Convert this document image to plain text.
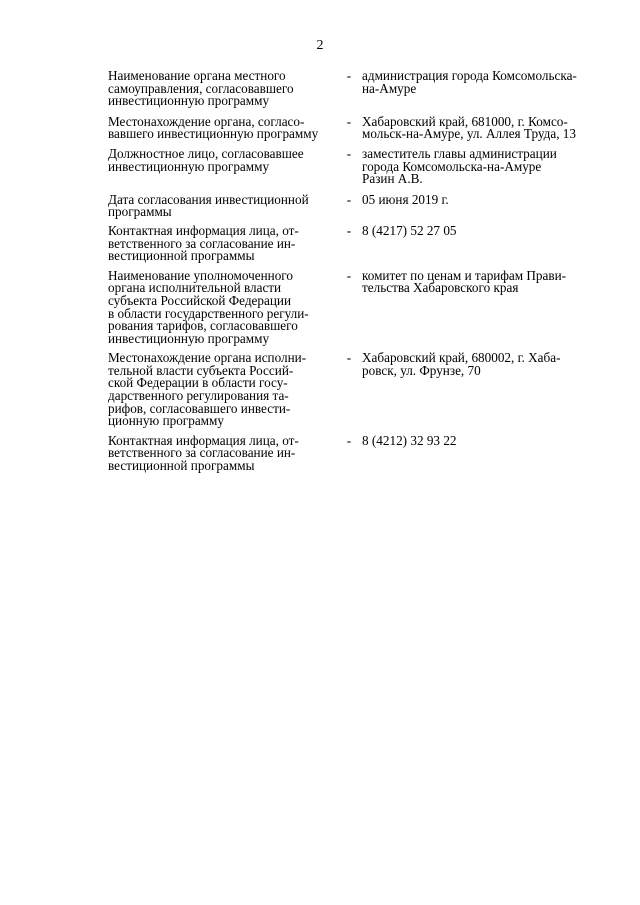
2
Наименование органа местного
самоуправления, согласовавшего
инвестиционную программу
- администрация города Комсомольска-
на-Амуре
Местонахождение органа, согласо-
вавшего инвестиционную программу
- Хабаровский край, 681000, г. Комсо-
мольск-на-Амуре, ул. Аллея Труда, 13
Должностное лицо, согласовавшее
инвестиционную программу
- заместитель главы администрации
города Комсомольска-на-Амуре
Разин А.В.
Дата согласования инвестиционной
программы
- 05 июня 2019 г.
Контактная информация лица, от-
ветственного за согласование ин-
вестиционной программы
- 8 (4217) 52 27 05
Наименование уполномоченного
органа исполнительной власти
субъекта Российской Федерации
в области государственного регули-
рования тарифов, согласовавшего
инвестиционную программу
- комитет по ценам и тарифам Прави-
тельства Хабаровского края
Местонахождение органа исполни-
тельной власти субъекта Россий-
ской Федерации в области госу-
дарственного регулирования та-
рифов, согласовавшего инвести-
ционную программу
- Хабаровский край, 680002, г. Хаба-
ровск, ул. Фрунзе, 70
Контактная информация лица, от-
ветственного за согласование ин-
вестиционной программы
- 8 (4212) 32 93 22
